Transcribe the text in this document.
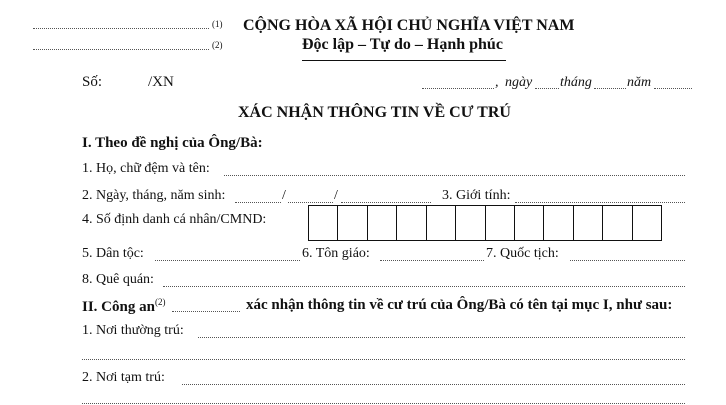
(1)
(2)
CỘNG HÒA XÃ HỘI CHỦ NGHĨA VIỆT NAM
Độc lập – Tự do – Hạnh phúc
Số:	/XN	, ngày tháng	năm
XÁC NHẬN THÔNG TIN VỀ CƯ TRÚ
I. Theo đề nghị của Ông/Bà:
1. Họ, chữ đệm và tên:
2. Ngày, tháng, năm sinh:	/	/	3. Giới tính:
4. Số định danh cá nhân/CMND:
5. Dân tộc:	6. Tôn giáo:	7. Quốc tịch:
8. Quê quán:
II. Công $an^{(2)}$	xác nhận thông tin về cư trú của Ông/Bà có tên tại mục I, như sau:
1. Nơi thường trú:
2. Nơi tạm trú:
